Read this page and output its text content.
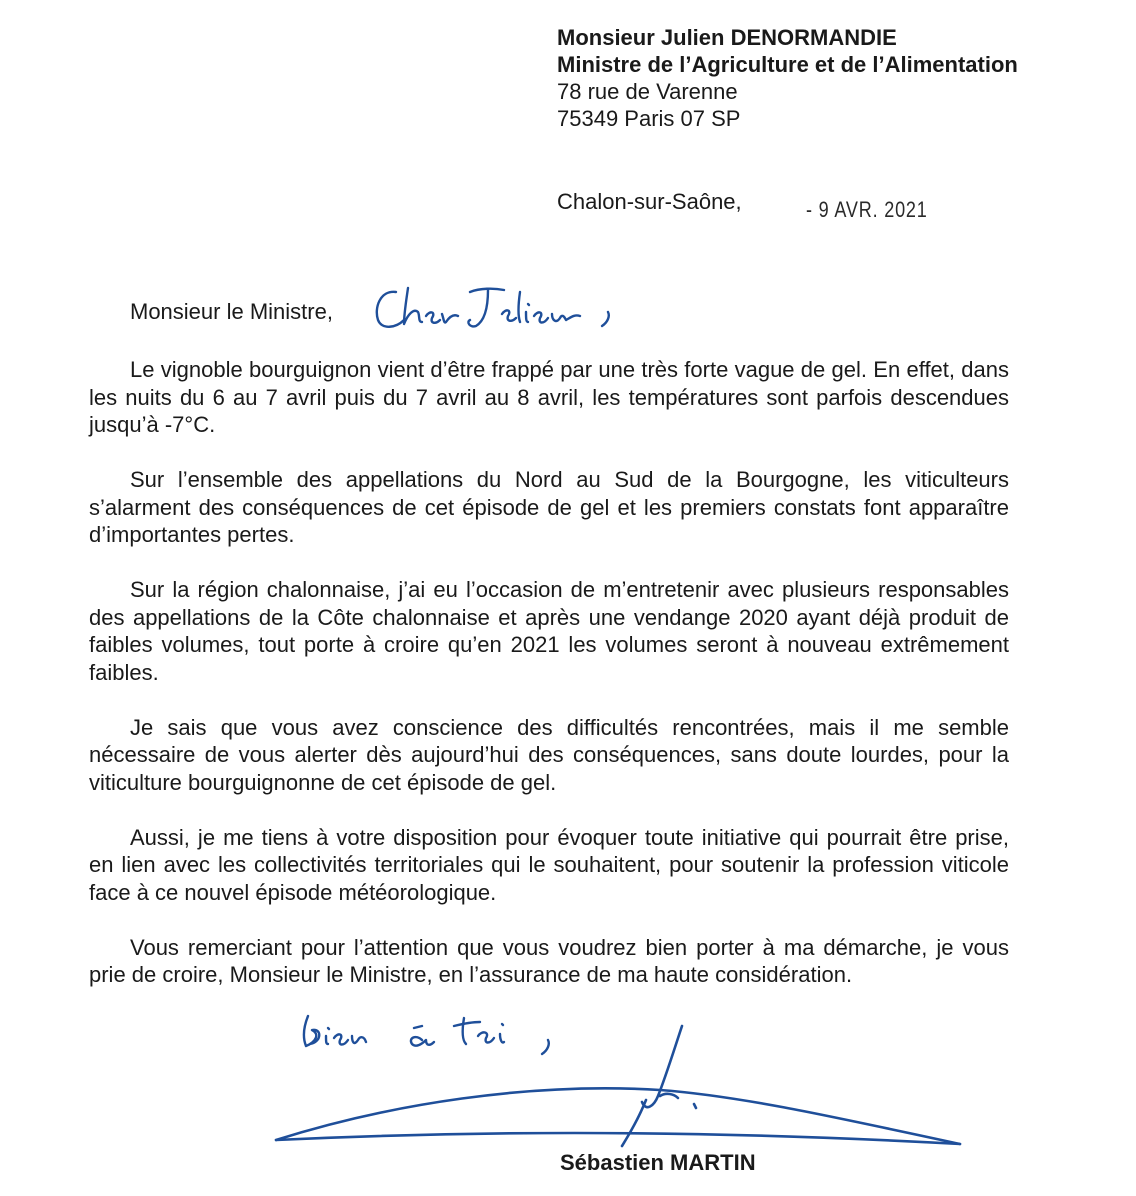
Monsieur Julien DENORMANDIE
Ministre de l’Agriculture et de l’Alimentation
78 rue de Varenne
75349 Paris 07 SP
Chalon-sur-Saône,	- 9 AVR. 2021
Monsieur le Ministre,

Le vignoble bourguignon vient d’être frappé par une très forte vague de gel. En effet, dans les nuits du 6 au 7 avril puis du 7 avril au 8 avril, les températures sont parfois descendues jusqu’à -7°C.

Sur l’ensemble des appellations du Nord au Sud de la Bourgogne, les viticulteurs s’alarment des conséquences de cet épisode de gel et les premiers constats font apparaître d’importantes pertes.

Sur la région chalonnaise, j’ai eu l’occasion de m’entretenir avec plusieurs responsables des appellations de la Côte chalonnaise et après une vendange 2020 ayant déjà produit de faibles volumes, tout porte à croire qu’en 2021 les volumes seront à nouveau extrêmement faibles.

Je sais que vous avez conscience des difficultés rencontrées, mais il me semble nécessaire de vous alerter dès aujourd’hui des conséquences, sans doute lourdes, pour la viticulture bourguignonne de cet épisode de gel.

Aussi, je me tiens à votre disposition pour évoquer toute initiative qui pourrait être prise, en lien avec les collectivités territoriales qui le souhaitent, pour soutenir la profession viticole face à ce nouvel épisode météorologique.

Vous remerciant pour l’attention que vous voudrez bien porter à ma démarche, je vous prie de croire, Monsieur le Ministre, en l’assurance de ma haute considération.

Sébastien MARTIN
